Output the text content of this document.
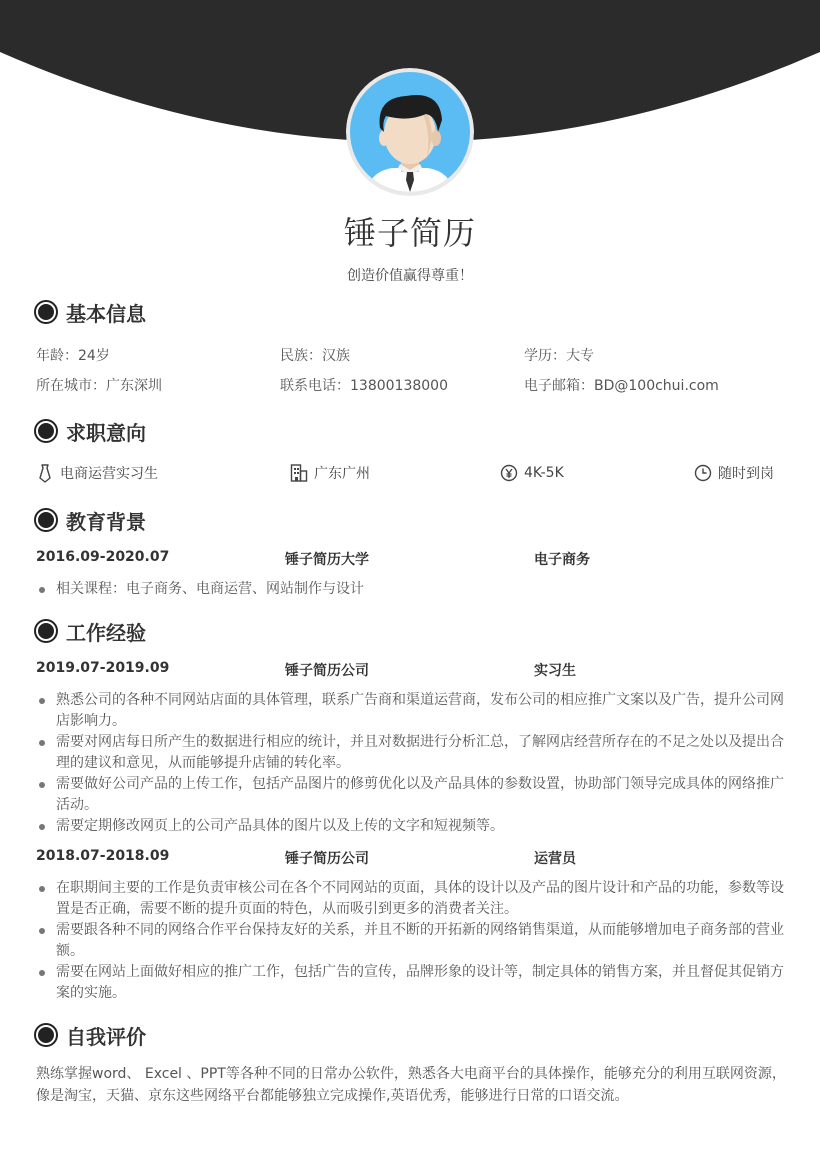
锤子简历
创造价值赢得尊重！
基本信息
年龄：24岁	民族：汉族	学历：大专
所在城市：广东深圳	联系电话：13800138000	电子邮箱：BD@100chui.com
求职意向
电商运营实习生	广东广州	4K-5K	随时到岗
教育背景
2016.09-2020.07	锤子简历大学	电子商务
相关课程：电子商务、电商运营、网站制作与设计
工作经验
2019.07-2019.09	锤子简历公司	实习生
熟悉公司的各种不同网站店面的具体管理，联系广告商和渠道运营商，发布公司的相应推广文案以及广告，提升公司网店影响力。
需要对网店每日所产生的数据进行相应的统计，并且对数据进行分析汇总，了解网店经营所存在的不足之处以及提出合理的建议和意见，从而能够提升店铺的转化率。
需要做好公司产品的上传工作，包括产品图片的修剪优化以及产品具体的参数设置，协助部门领导完成具体的网络推广活动。
需要定期修改网页上的公司产品具体的图片以及上传的文字和短视频等。
2018.07-2018.09	锤子简历公司	运营员
在职期间主要的工作是负责审核公司在各个不同网站的页面，具体的设计以及产品的图片设计和产品的功能，参数等设置是否正确，需要不断的提升页面的特色，从而吸引到更多的消费者关注。
需要跟各种不同的网络合作平台保持友好的关系，并且不断的开拓新的网络销售渠道，从而能够增加电子商务部的营业额。
需要在网站上面做好相应的推广工作，包括广告的宣传，品牌形象的设计等，制定具体的销售方案，并且督促其促销方案的实施。
自我评价
熟练掌握word、 Excel 、PPT等各种不同的日常办公软件，熟悉各大电商平台的具体操作，能够充分的利用互联网资源，像是淘宝，天猫、京东这些网络平台都能够独立完成操作,英语优秀，能够进行日常的口语交流。
